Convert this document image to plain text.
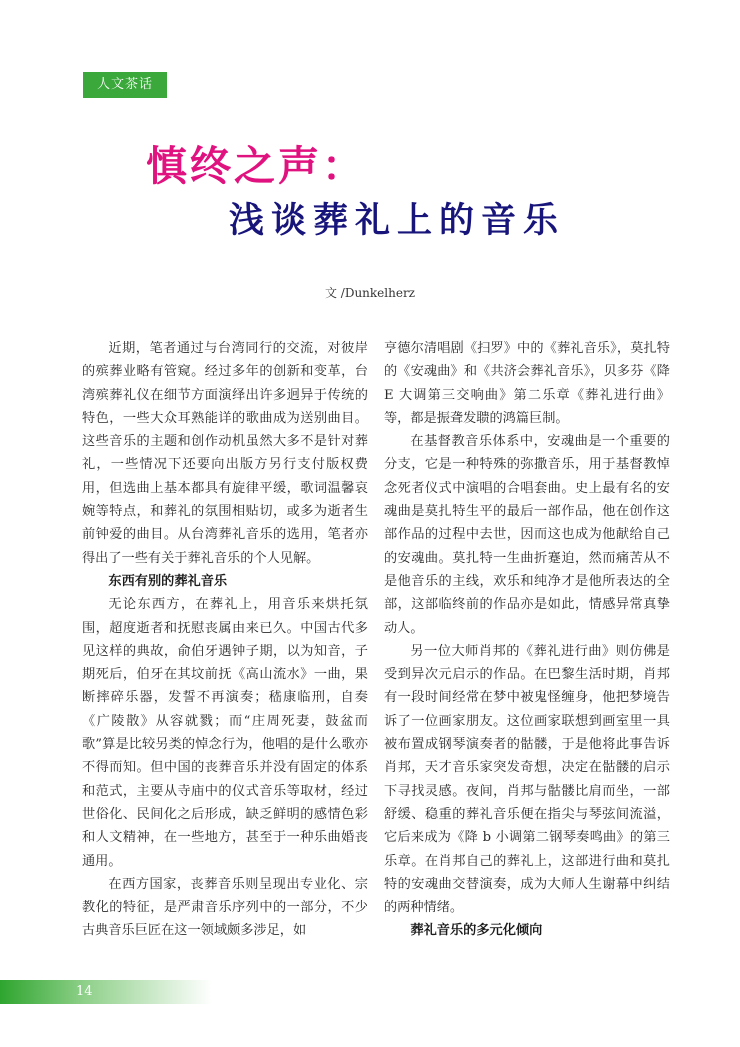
人文茶话
慎终之声：
浅谈葬礼上的音乐
文 /Dunkelherz

近期，笔者通过与台湾同行的交流，对彼岸的殡葬业略有管窥。经过多年的创新和变革，台湾殡葬礼仪在细节方面演绎出许多迥异于传统的特色，一些大众耳熟能详的歌曲成为送别曲目。这些音乐的主题和创作动机虽然大多不是针对葬礼，一些情况下还要向出版方另行支付版权费用，但选曲上基本都具有旋律平缓，歌词温馨哀婉等特点，和葬礼的氛围相贴切，或多为逝者生前钟爱的曲目。从台湾葬礼音乐的选用，笔者亦得出了一些有关于葬礼音乐的个人见解。

东西有别的葬礼音乐

无论东西方，在葬礼上，用音乐来烘托氛围，超度逝者和抚慰丧属由来已久。中国古代多见这样的典故，俞伯牙遇钟子期，以为知音，子期死后，伯牙在其坟前抚《高山流水》一曲，果断摔碎乐器，发誓不再演奏；嵇康临刑，自奏《广陵散》从容就戮；而“庄周死妻，鼓盆而歌”算是比较另类的悼念行为，他唱的是什么歌亦不得而知。但中国的丧葬音乐并没有固定的体系和范式，主要从寺庙中的仪式音乐等取材，经过世俗化、民间化之后形成，缺乏鲜明的感情色彩和人文精神，在一些地方，甚至于一种乐曲婚丧通用。

在西方国家，丧葬音乐则呈现出专业化、宗教化的特征，是严肃音乐序列中的一部分，不少古典音乐巨匠在这一领域颇多涉足，如

亨德尔清唱剧《扫罗》中的《葬礼音乐》，莫扎特的《安魂曲》和《共济会葬礼音乐》，贝多芬《降 E 大调第三交响曲》第二乐章《葬礼进行曲》等，都是振聋发聩的鸿篇巨制。

在基督教音乐体系中，安魂曲是一个重要的分支，它是一种特殊的弥撒音乐，用于基督教悼念死者仪式中演唱的合唱套曲。史上最有名的安魂曲是莫扎特生平的最后一部作品，他在创作这部作品的过程中去世，因而这也成为他献给自己的安魂曲。莫扎特一生曲折蹇迫，然而痛苦从不是他音乐的主线，欢乐和纯净才是他所表达的全部，这部临终前的作品亦是如此，情感异常真挚动人。

另一位大师肖邦的《葬礼进行曲》则仿佛是受到异次元启示的作品。在巴黎生活时期，肖邦有一段时间经常在梦中被鬼怪缠身，他把梦境告诉了一位画家朋友。这位画家联想到画室里一具被布置成钢琴演奏者的骷髅，于是他将此事告诉肖邦，天才音乐家突发奇想，决定在骷髅的启示下寻找灵感。夜间，肖邦与骷髅比肩而坐，一部舒缓、稳重的葬礼音乐便在指尖与琴弦间流溢，它后来成为《降 b 小调第二钢琴奏鸣曲》的第三乐章。在肖邦自己的葬礼上，这部进行曲和莫扎特的安魂曲交替演奏，成为大师人生谢幕中纠结的两种情绪。

葬礼音乐的多元化倾向
14
